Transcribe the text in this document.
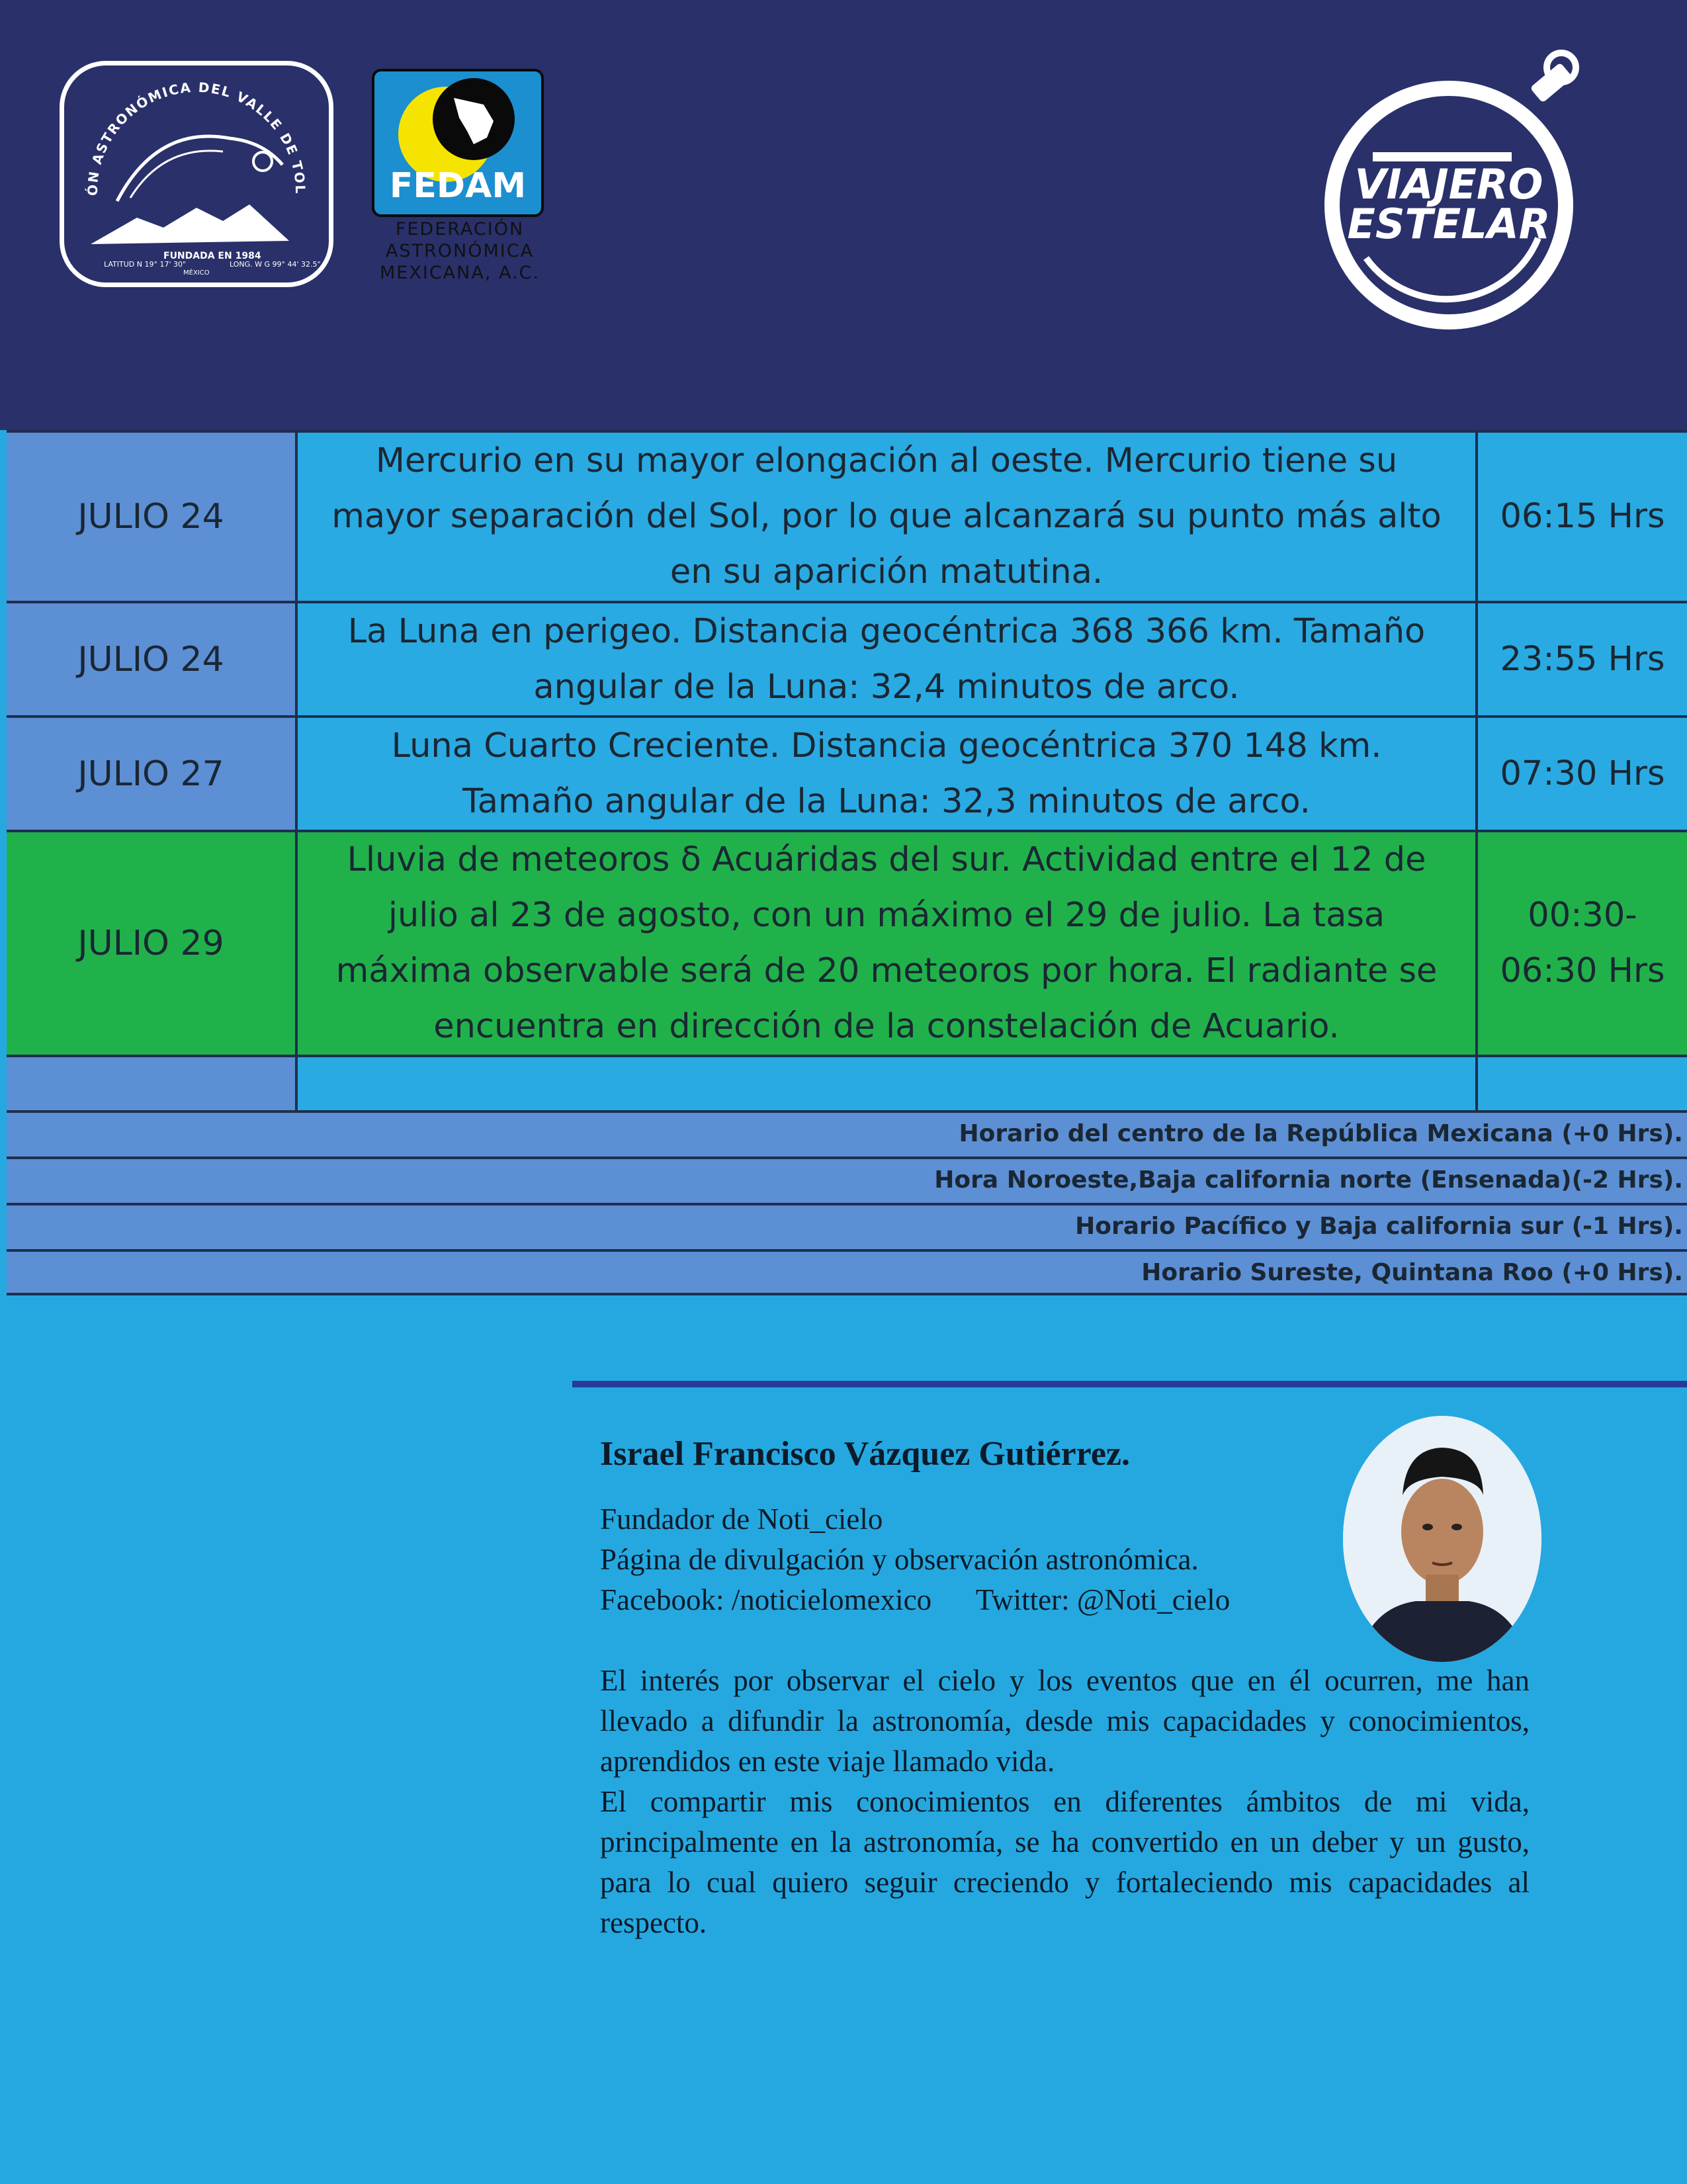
ÓN ASTRONÓMICA DEL VALLE DE TOL
FUNDADA EN 1984
LATITUD N 19° 17' 30"
MÉXICO
LONG. W G 99° 44' 32.5"
FEDAM
FEDERACIÓN
ASTRONÓMICA
MEXICANA, A.C.
VIAJERO
ESTELAR
JULIO 24
Mercurio en su mayor elongación al oeste. Mercurio tiene su
mayor separación del Sol, por lo que alcanzará su punto más alto
en su aparición matutina.
06:15 Hrs
JULIO 24
La Luna en perigeo. Distancia geocéntrica 368 366 km. Tamaño
angular de la Luna: 32,4 minutos de arco.
23:55 Hrs
JULIO 27
Luna Cuarto Creciente. Distancia geocéntrica 370 148 km.
Tamaño angular de la Luna: 32,3 minutos de arco.
07:30 Hrs
JULIO 29
Lluvia de meteoros δ Acuáridas del sur. Actividad entre el 12 de
julio al 23 de agosto, con un máximo el 29 de julio. La tasa
máxima observable será de 20 meteoros por hora. El radiante se
encuentra en dirección de la constelación de Acuario.
00:30-
06:30 Hrs
Horario del centro de la República Mexicana (+0 Hrs).
Hora Noroeste,Baja california norte (Ensenada)(-2 Hrs).
Horario Pacífico y Baja california sur (-1 Hrs).
Horario Sureste, Quintana Roo (+0 Hrs).

Israel Francisco Vázquez Gutiérrez.

Fundador de Noti_cielo

Página de divulgación y observación astronómica.

Facebook: /noticielomexico      Twitter: @Noti_cielo

El interés por observar el cielo y los eventos que en él ocurren, me han llevado a difundir la astronomía, desde mis capacidades y conocimientos, aprendidos en este viaje llamado vida.

El compartir mis conocimientos en diferentes ámbitos de mi vida, principalmente en la astronomía, se ha convertido en un deber y un gusto, para lo cual quiero seguir creciendo y fortaleciendo mis capacidades al respecto.
